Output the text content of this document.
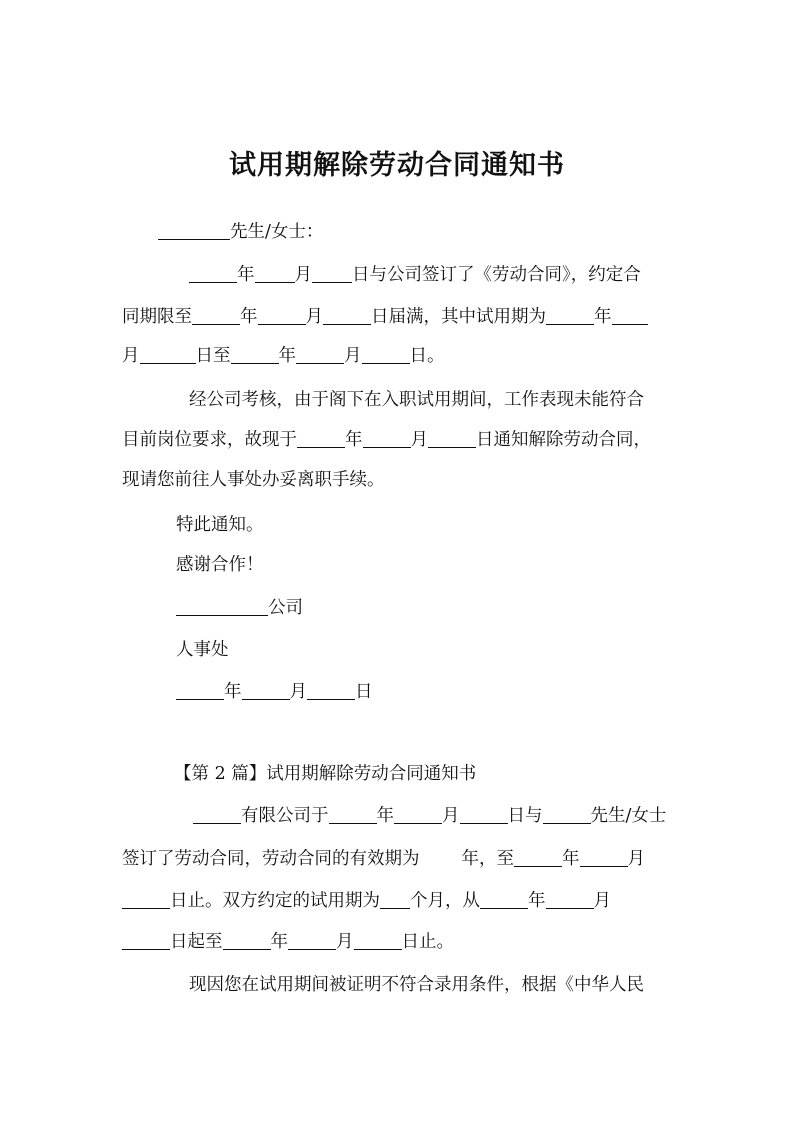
试用期解除劳动合同通知书
先生/女士：
年 月 日与公司签订了《劳动合同》，约定合
同期限至	年	月	日届满，其中试用期为	年
月	日至	年	月	日。
经公司考核，由于阁下在入职试用期间，工作表现未能符合
目前岗位要求，故现于	年	月	日通知解除劳动合同，
现请您前往人事处办妥离职手续。
特此通知。
感谢合作！
公司
人事处
年	月	日
【第 2 篇】试用期解除劳动合同通知书
有限公司于	年	月	日与	先生/女士
签订了劳动合同，劳动合同的有效期为 年，至	年	月
日止。双方约定的试用期为 个月，从	年	月
日起至	年	月	日止。
现因您在试用期间被证明不符合录用条件，根据《中华人民
